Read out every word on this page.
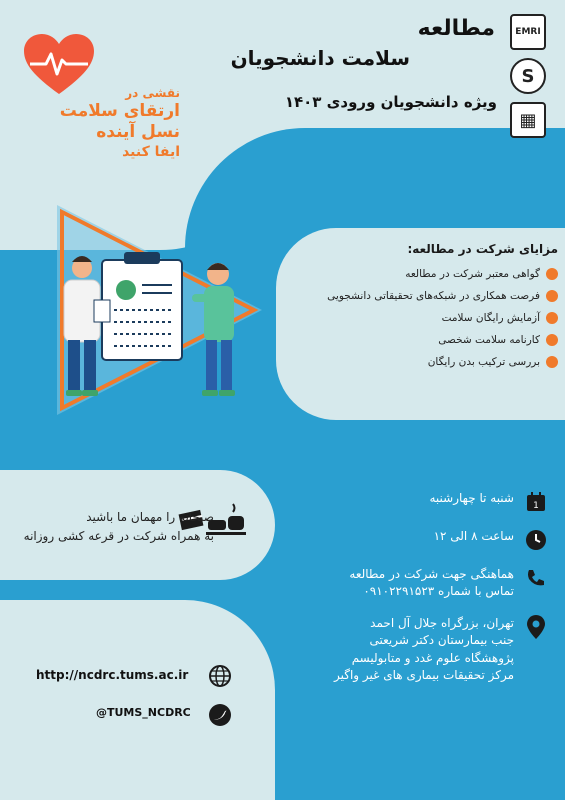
نقشی در
ارتقای سلامت
نسل آینده
ایفا کنید
مطالعه
سلامت دانشجویان
ویژه دانشجویان ورودی ۱۴۰۳
EMRI
S
▦
مزایای شرکت در مطالعه:
گواهی معتبر شرکت در مطالعه
فرصت همکاری در شبکه‌های تحقیقاتی دانشجویی
آزمایش رایگان سلامت
کارنامه سلامت شخصی
بررسی ترکیب بدن رایگان
صبحانه را مهمان ما باشید
به همراه شرکت در قرعه کشی روزانه
1
شنبه تا چهارشنبه
ساعت ۸ الی ۱۲
هماهنگی جهت شرکت در مطالعه
تماس با شماره ۰۹۱۰۲۲۹۱۵۲۳
تهران، بزرگراه جلال آل احمد
جنب بیمارستان دکتر شریعتی
پژوهشگاه علوم غدد و متابولیسم
مرکز تحقیقات بیماری های غیر واگیر
http://ncdrc.tums.ac.ir
@TUMS_NCDRC
